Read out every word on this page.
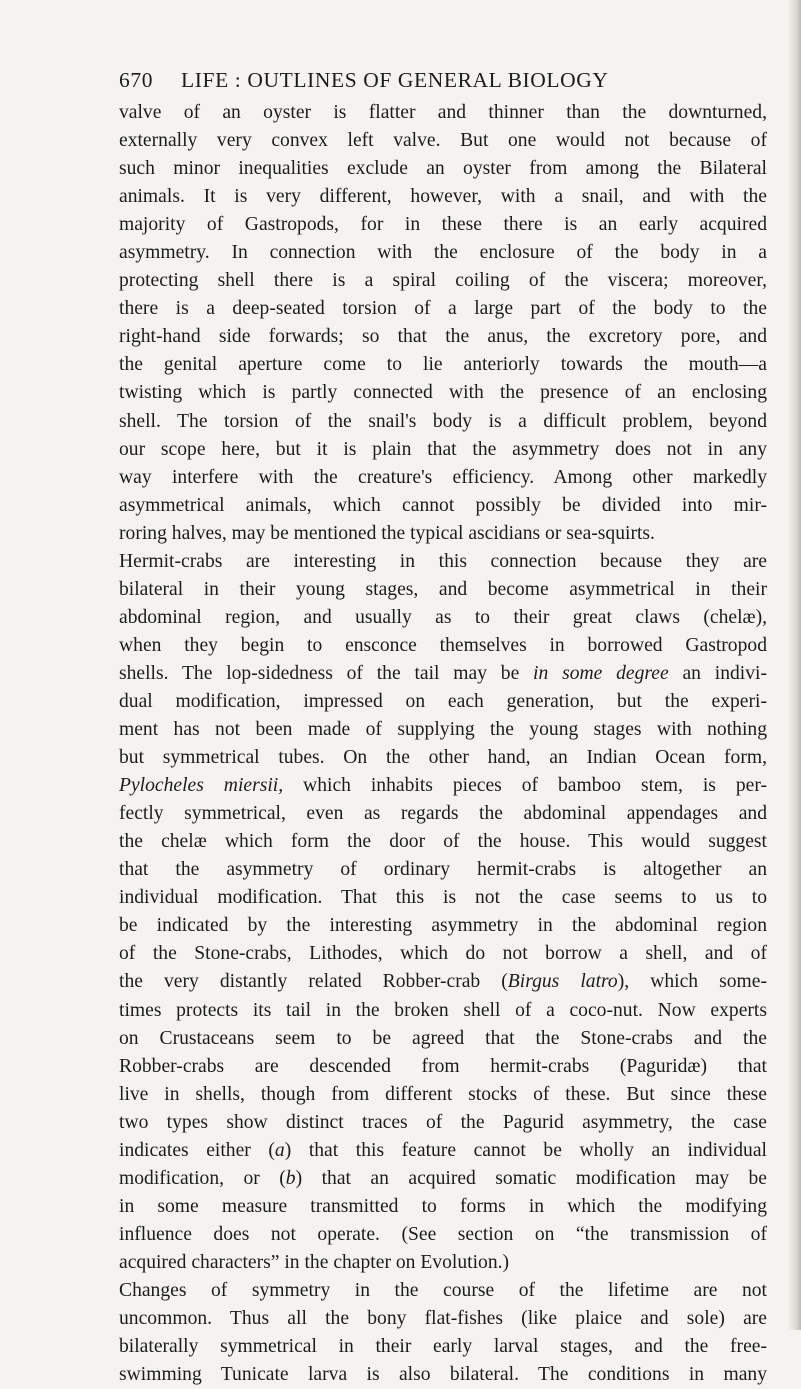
670 LIFE : OUTLINES OF GENERAL BIOLOGY
valve of an oyster is flatter and thinner than the downturned,
externally very convex left valve. But one would not because of
such minor inequalities exclude an oyster from among the Bilateral
animals. It is very different, however, with a snail, and with the
majority of Gastropods, for in these there is an early acquired
asymmetry. In connection with the enclosure of the body in a
protecting shell there is a spiral coiling of the viscera; moreover,
there is a deep-seated torsion of a large part of the body to the
right-hand side forwards; so that the anus, the excretory pore, and
the genital aperture come to lie anteriorly towards the mouth—a
twisting which is partly connected with the presence of an enclosing
shell. The torsion of the snail's body is a difficult problem, beyond
our scope here, but it is plain that the asymmetry does not in any
way interfere with the creature's efficiency. Among other markedly
asymmetrical animals, which cannot possibly be divided into mir-
roring halves, may be mentioned the typical ascidians or sea-squirts.
Hermit-crabs are interesting in this connection because they are
bilateral in their young stages, and become asymmetrical in their
abdominal region, and usually as to their great claws (chelæ),
when they begin to ensconce themselves in borrowed Gastropod
shells. The lop-sidedness of the tail may be in some degree an indivi-
dual modification, impressed on each generation, but the experi-
ment has not been made of supplying the young stages with nothing
but symmetrical tubes. On the other hand, an Indian Ocean form,
Pylocheles miersii, which inhabits pieces of bamboo stem, is per-
fectly symmetrical, even as regards the abdominal appendages and
the chelæ which form the door of the house. This would suggest
that the asymmetry of ordinary hermit-crabs is altogether an
individual modification. That this is not the case seems to us to
be indicated by the interesting asymmetry in the abdominal region
of the Stone-crabs, Lithodes, which do not borrow a shell, and of
the very distantly related Robber-crab (Birgus latro), which some-
times protects its tail in the broken shell of a coco-nut. Now experts
on Crustaceans seem to be agreed that the Stone-crabs and the
Robber-crabs are descended from hermit-crabs (Paguridæ) that
live in shells, though from different stocks of these. But since these
two types show distinct traces of the Pagurid asymmetry, the case
indicates either (a) that this feature cannot be wholly an individual
modification, or (b) that an acquired somatic modification may be
in some measure transmitted to forms in which the modifying
influence does not operate. (See section on “the transmission of
acquired characters” in the chapter on Evolution.)
Changes of symmetry in the course of the lifetime are not
uncommon. Thus all the bony flat-fishes (like plaice and sole) are
bilaterally symmetrical in their early larval stages, and the free-
swimming Tunicate larva is also bilateral. The conditions in many
